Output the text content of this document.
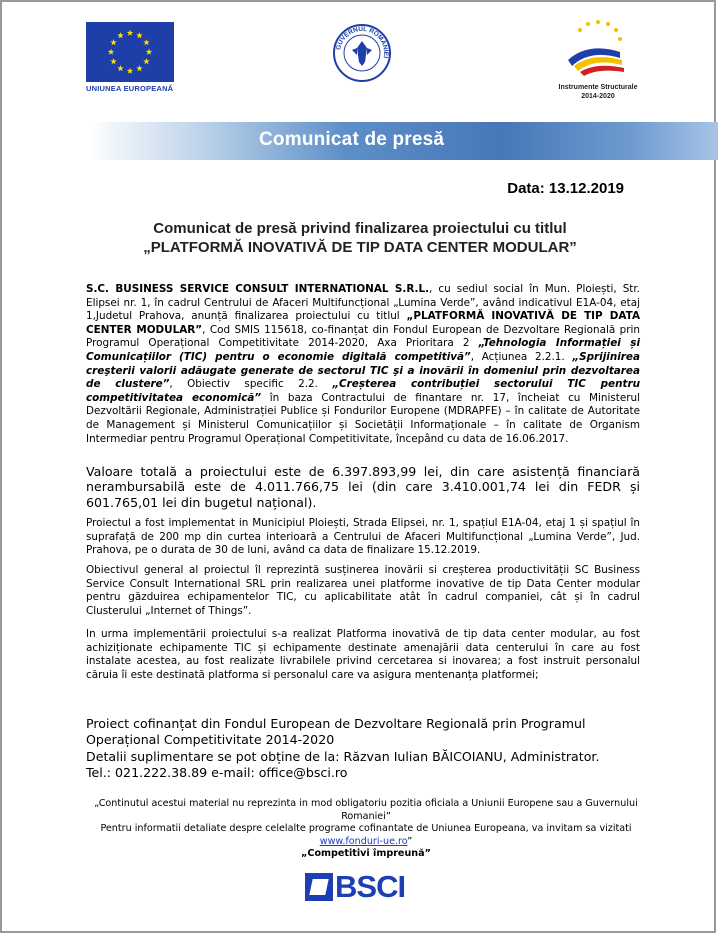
UNIUNEA EUROPEANĂ
GUVERNUL ROMÂNIEI
Instrumente Structurale
2014-2020
Comunicat de presă
Data: 13.12.2019
Comunicat de presă privind finalizarea proiectului cu titlul
„PLATFORMĂ INOVATIVĂ DE TIP DATA CENTER MODULAR”
S.C. BUSINESS SERVICE CONSULT INTERNATIONAL S.R.L., cu sediul social în Mun. Ploiești, Str. Elipsei nr. 1, în cadrul Centrului de Afaceri Multifuncțional „Lumina Verde”, având indicativul E1A-04, etaj 1,Judetul Prahova, anunță finalizarea proiectului cu titlul „PLATFORMĂ INOVATIVĂ DE TIP DATA CENTER MODULAR”, Cod SMIS 115618, co-finanțat din Fondul European de Dezvoltare Regională prin Programul Operațional Competitivitate 2014-2020, Axa Prioritara 2 „Tehnologia Informației și Comunicațiilor (TIC) pentru o economie digitală competitivă”, Acțiunea 2.2.1. „Sprijinirea creşterii valorii adăugate generate de sectorul TIC şi a inovării în domeniul prin dezvoltarea de clustere”, Obiectiv specific 2.2. „Creșterea contribuției sectorului TIC pentru competitivitatea economică” în baza Contractului de finantare nr. 17, încheiat cu Ministerul Dezvoltării Regionale, Administrației Publice și Fondurilor Europene (MDRAPFE) – în calitate de Autoritate de Management și Ministerul Comunicațiilor și Societății Informaționale – în calitate de Organism Intermediar pentru Programul Operațional Competitivitate, începând cu data de 16.06.2017.
Valoare totală a proiectului este de 6.397.893,99 lei, din care asistență financiară nerambursabilă este de 4.011.766,75 lei (din care 3.410.001,74 lei din FEDR și 601.765,01 lei din bugetul național).
Proiectul a fost implementat in Municipiul Ploiești, Strada Elipsei, nr. 1, spațiul E1A-04, etaj 1 și spațiul în suprafață de 200 mp din curtea interioară a Centrului de Afaceri Multifuncțional „Lumina Verde”, Jud. Prahova, pe o durata de 30 de luni, având ca data de finalizare 15.12.2019.
Obiectivul general al proiectul îl reprezintă susținerea inovării si creșterea productivității SC Business Service Consult International SRL prin realizarea unei platforme inovative de tip Data Center modular pentru găzduirea echipamentelor TIC, cu aplicabilitate atât în cadrul companiei, cât și în cadrul Clusterului „Internet of Things”.
In urma implementării proiectului s-a realizat Platforma inovativă de tip data center modular, au fost achiziționate echipamente TIC și echipamente destinate amenajării data centerului în care au fost instalate acestea, au fost realizate livrabilele privind cercetarea si inovarea; a fost instruit personalul căruia îi este destinată platforma si personalul care va asigura mentenanța platformei;
Proiect cofinanțat din Fondul European de Dezvoltare Regională prin Programul
Operațional Competitivitate 2014-2020
Detalii suplimentare se pot obține de la: Răzvan Iulian BĂICOIANU, Administrator.
Tel.: 021.222.38.89 e-mail: office@bsci.ro
„Continutul acestui material nu reprezinta in mod obligatoriu pozitia oficiala a Uniunii Europene sau a Guvernului Romaniei”
Pentru informatii detaliate despre celelalte programe cofinantate de Uniunea Europeana, va invitam sa vizitati www.fonduri-ue.ro”
„Competitivi împreună”
BSCI
